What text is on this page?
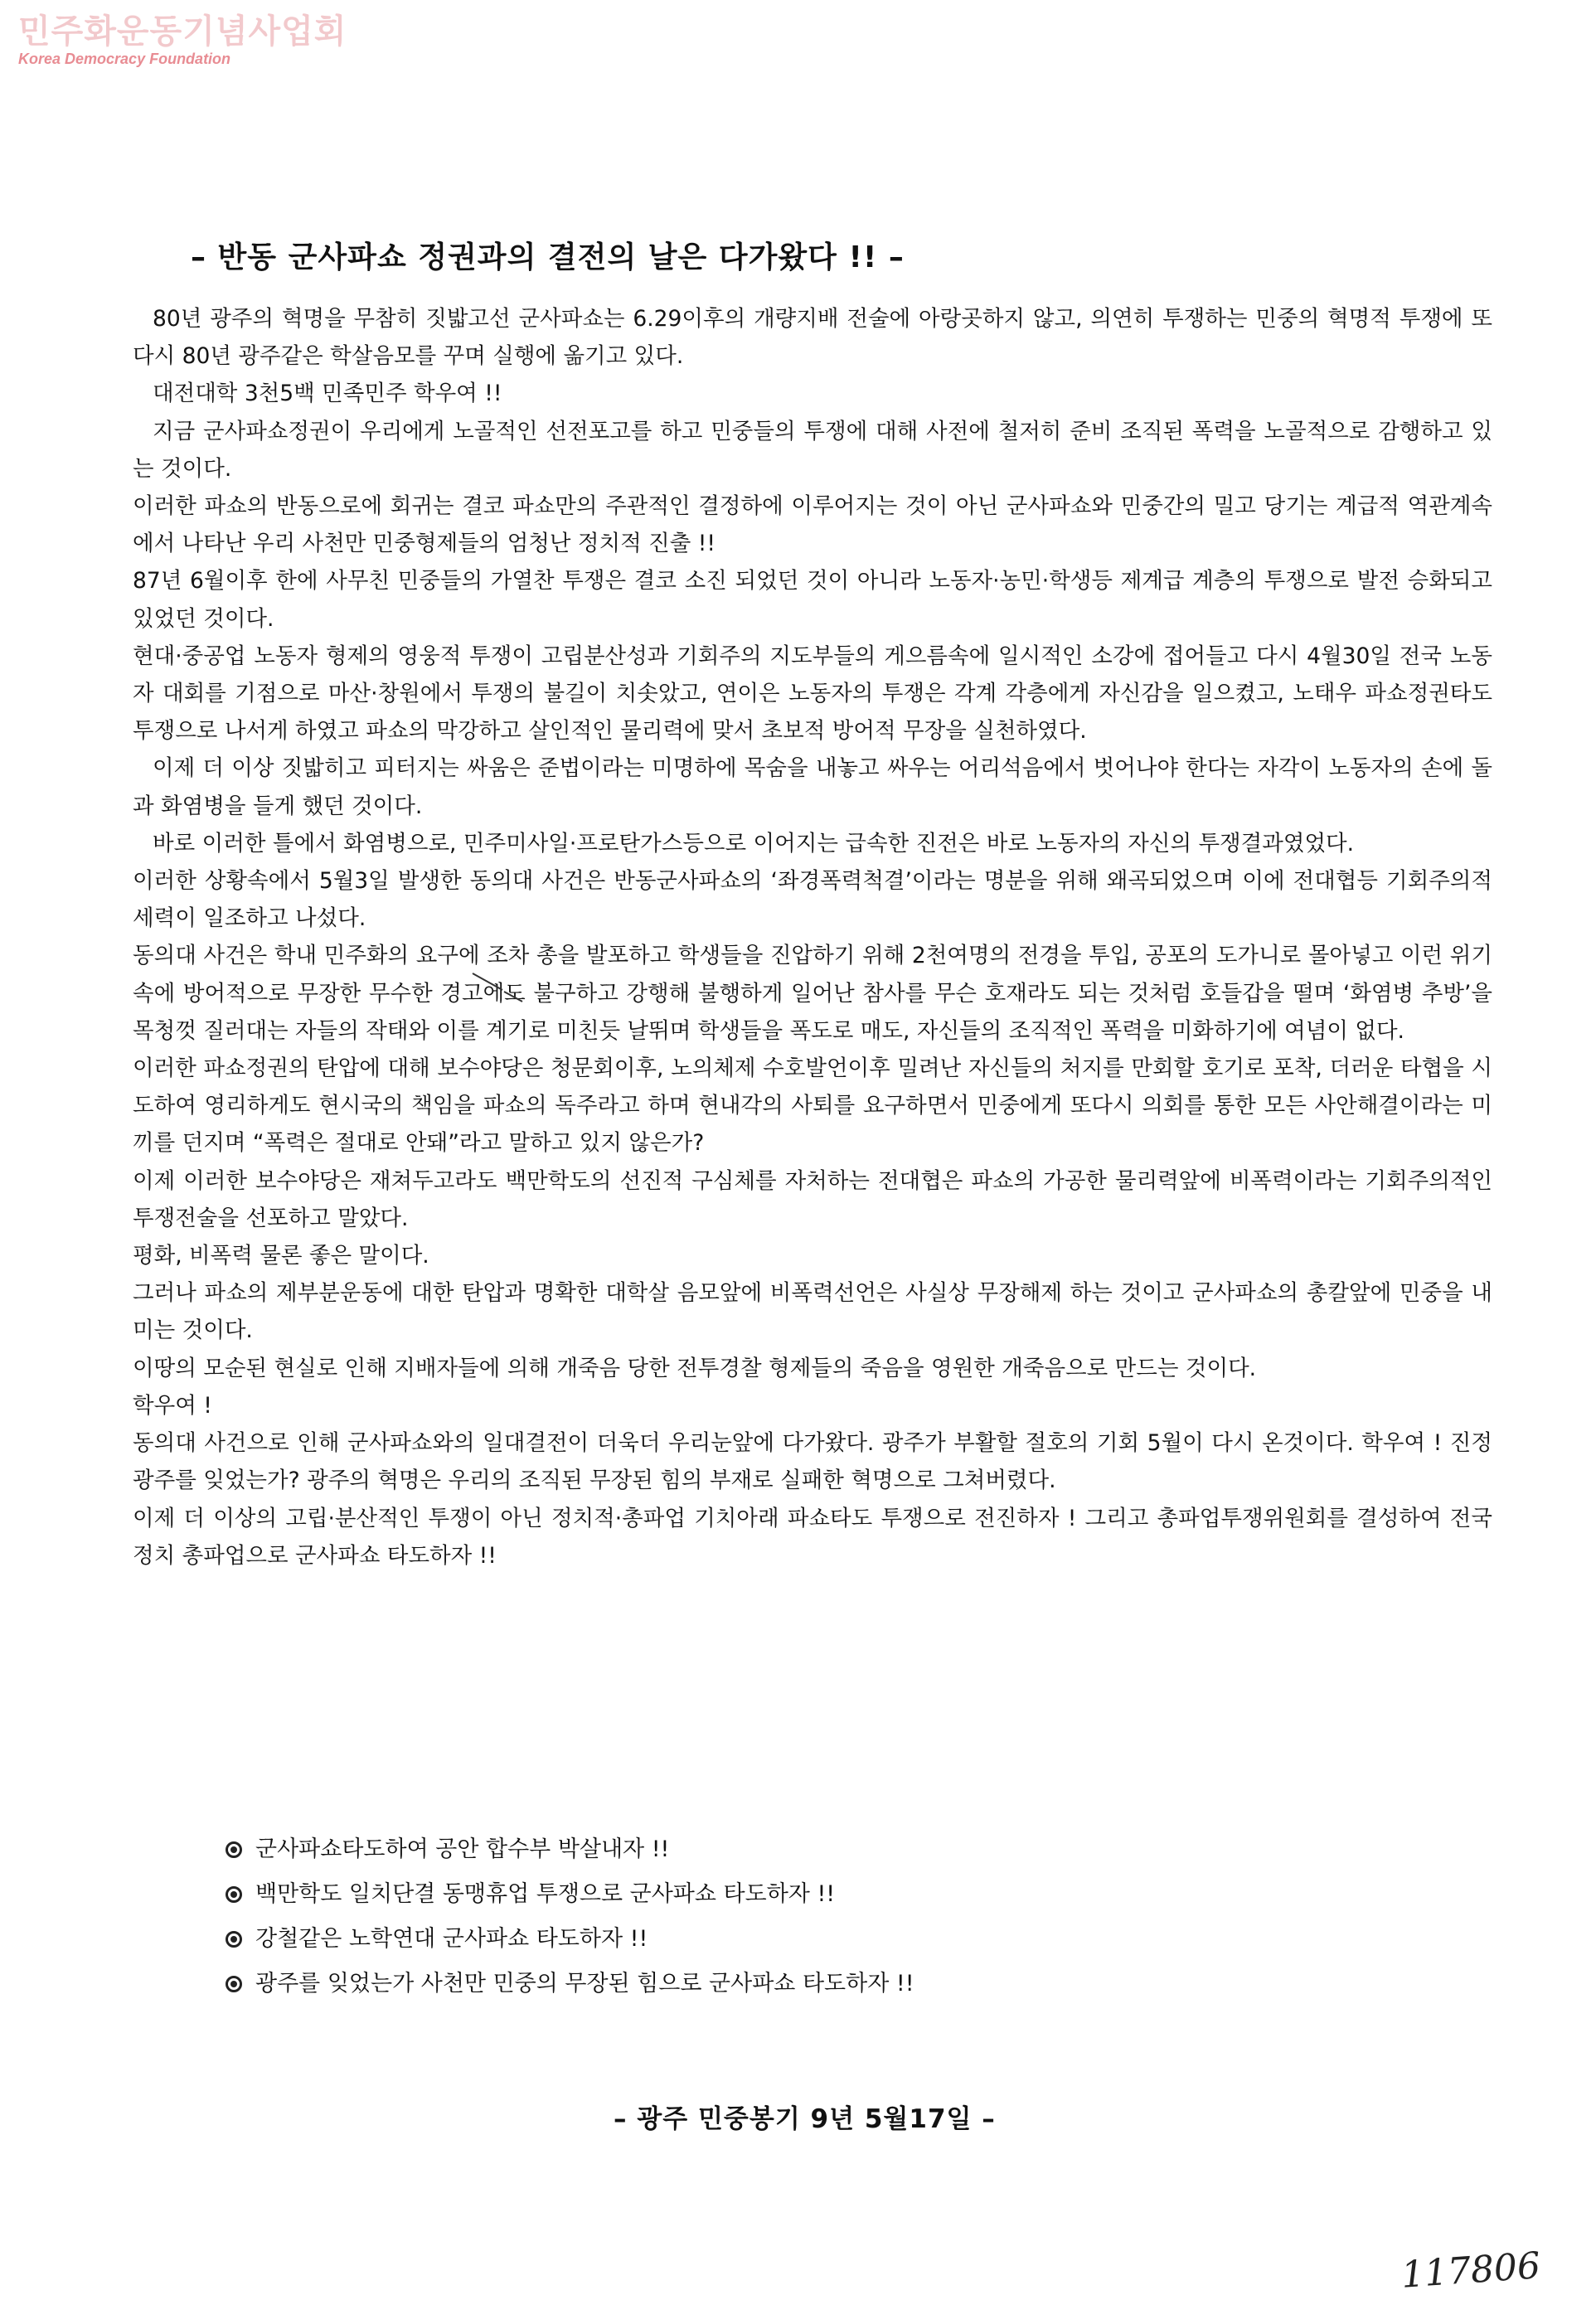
민주화운동기념사업회
Korea Democracy Foundation
– 반동 군사파쇼 정권과의 결전의 날은 다가왔다 !! –

80년 광주의 혁명을 무참히 짓밟고선 군사파쇼는 6.29이후의 개량지배 전술에 아랑곳하지 않고, 의연히 투쟁하는 민중의 혁명적 투쟁에 또다시 80년 광주같은 학살음모를 꾸며 실행에 옮기고 있다.

대전대학 3천5백 민족민주 학우여 !!

지금 군사파쇼정권이 우리에게 노골적인 선전포고를 하고 민중들의 투쟁에 대해 사전에 철저히 준비 조직된 폭력을 노골적으로 감행하고 있는 것이다.

이러한 파쇼의 반동으로에 회귀는 결코 파쇼만의 주관적인 결정하에 이루어지는 것이 아닌 군사파쇼와 민중간의 밀고 당기는 계급적 역관계속에서 나타난 우리 사천만 민중형제들의 엄청난 정치적 진출 !!

87년 6월이후 한에 사무친 민중들의 가열찬 투쟁은 결코 소진 되었던 것이 아니라 노동자·농민·학생등 제계급 계층의 투쟁으로 발전 승화되고 있었던 것이다.

현대·중공업 노동자 형제의 영웅적 투쟁이 고립분산성과 기회주의 지도부들의 게으름속에 일시적인 소강에 접어들고 다시 4월30일 전국 노동자 대회를 기점으로 마산·창원에서 투쟁의 불길이 치솟았고, 연이은 노동자의 투쟁은 각계 각층에게 자신감을 일으켰고, 노태우 파쇼정권타도 투쟁으로 나서게 하였고 파쇼의 막강하고 살인적인 물리력에 맞서 초보적 방어적 무장을 실천하였다.

이제 더 이상 짓밟히고 피터지는 싸움은 준법이라는 미명하에 목숨을 내놓고 싸우는 어리석음에서 벗어나야 한다는 자각이 노동자의 손에 돌과 화염병을 들게 했던 것이다.

바로 이러한 틀에서 화염병으로, 민주미사일·프로탄가스등으로 이어지는 급속한 진전은 바로 노동자의 자신의 투쟁결과였었다.

이러한 상황속에서 5월3일 발생한 동의대 사건은 반동군사파쇼의 ‘좌경폭력척결’이라는 명분을 위해 왜곡되었으며 이에 전대협등 기회주의적 세력이 일조하고 나섰다.

동의대 사건은 학내 민주화의 요구에 조차 총을 발포하고 학생들을 진압하기 위해 2천여명의 전경을 투입, 공포의 도가니로 몰아넣고 이런 위기속에 방어적으로 무장한 무수한 경고에도 불구하고 강행해 불행하게 일어난 참사를 무슨 호재라도 되는 것처럼 호들갑을 떨며 ‘화염병 추방’을 목청껏 질러대는 자들의 작태와 이를 계기로 미친듯 날뛰며 학생들을 폭도로 매도, 자신들의 조직적인 폭력을 미화하기에 여념이 없다.

이러한 파쇼정권의 탄압에 대해 보수야당은 청문회이후, 노의체제 수호발언이후 밀려난 자신들의 처지를 만회할 호기로 포착, 더러운 타협을 시도하여 영리하게도 현시국의 책임을 파쇼의 독주라고 하며 현내각의 사퇴를 요구하면서 민중에게 또다시 의회를 통한 모든 사안해결이라는 미끼를 던지며 “폭력은 절대로 안돼”라고 말하고 있지 않은가?

이제 이러한 보수야당은 재쳐두고라도 백만학도의 선진적 구심체를 자처하는 전대협은 파쇼의 가공한 물리력앞에 비폭력이라는 기회주의적인 투쟁전술을 선포하고 말았다.

평화, 비폭력 물론 좋은 말이다.

그러나 파쇼의 제부분운동에 대한 탄압과 명확한 대학살 음모앞에 비폭력선언은 사실상 무장해제 하는 것이고 군사파쇼의 총칼앞에 민중을 내미는 것이다.

이땅의 모순된 현실로 인해 지배자들에 의해 개죽음 당한 전투경찰 형제들의 죽음을 영원한 개죽음으로 만드는 것이다.

학우여 !

동의대 사건으로 인해 군사파쇼와의 일대결전이 더욱더 우리눈앞에 다가왔다. 광주가 부활할 절호의 기회 5월이 다시 온것이다. 학우여 ! 진정 광주를 잊었는가? 광주의 혁명은 우리의 조직된 무장된 힘의 부재로 실패한 혁명으로 그쳐버렸다.

이제 더 이상의 고립·분산적인 투쟁이 아닌 정치적·총파업 기치아래 파쇼타도 투쟁으로 전진하자 ! 그리고 총파업투쟁위원회를 결성하여 전국 정치 총파업으로 군사파쇼 타도하자 !!

군사파쇼타도하여 공안 합수부 박살내자 !!
백만학도 일치단결 동맹휴업 투쟁으로 군사파쇼 타도하자 !!
강철같은 노학연대 군사파쇼 타도하자 !!
광주를 잊었는가 사천만 민중의 무장된 힘으로 군사파쇼 타도하자 !!
– 광주 민중봉기 9년 5월17일 –
117806
